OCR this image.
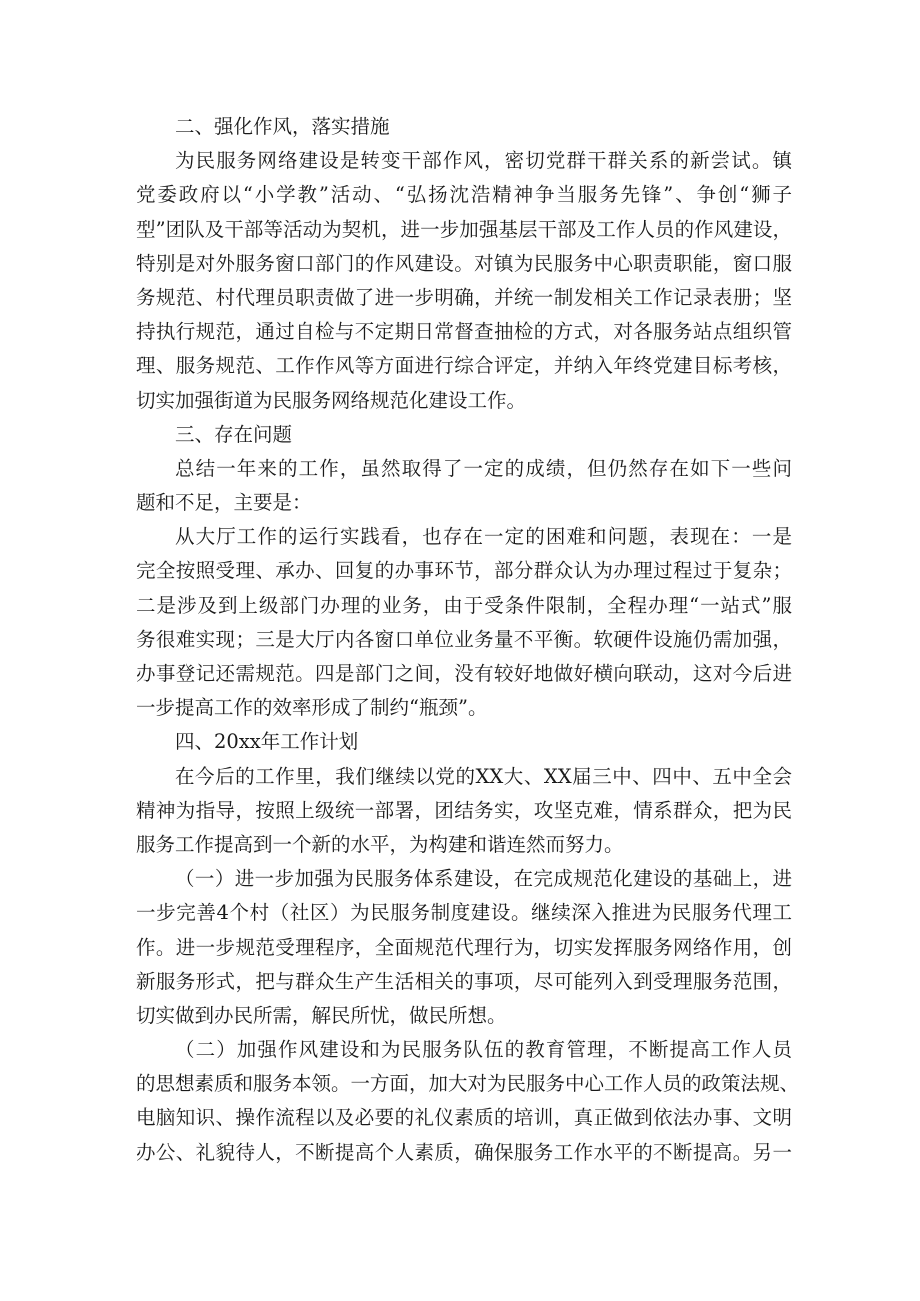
二、强化作风，落实措施
为民服务网络建设是转变干部作风，密切党群干群关系的新尝试。镇
党委政府以“小学教”活动、“弘扬沈浩精神争当服务先锋”、争创“狮子
型”团队及干部等活动为契机，进一步加强基层干部及工作人员的作风建设，
特别是对外服务窗口部门的作风建设。对镇为民服务中心职责职能，窗口服
务规范、村代理员职责做了进一步明确，并统一制发相关工作记录表册；坚
持执行规范，通过自检与不定期日常督查抽检的方式，对各服务站点组织管
理、服务规范、工作作风等方面进行综合评定，并纳入年终党建目标考核，
切实加强街道为民服务网络规范化建设工作。
三、存在问题
总结一年来的工作，虽然取得了一定的成绩，但仍然存在如下一些问
题和不足，主要是：
从大厅工作的运行实践看，也存在一定的困难和问题，表现在：一是
完全按照受理、承办、回复的办事环节，部分群众认为办理过程过于复杂；
二是涉及到上级部门办理的业务，由于受条件限制，全程办理“一站式”服
务很难实现；三是大厅内各窗口单位业务量不平衡。软硬件设施仍需加强，
办事登记还需规范。四是部门之间，没有较好地做好横向联动，这对今后进
一步提高工作的效率形成了制约“瓶颈”。
四、20xx年工作计划
在今后的工作里，我们继续以党的XX大、XX届三中、四中、五中全会
精神为指导，按照上级统一部署，团结务实，攻坚克难，情系群众，把为民
服务工作提高到一个新的水平，为构建和谐连然而努力。
（一）进一步加强为民服务体系建设，在完成规范化建设的基础上，进
一步完善4个村（社区）为民服务制度建设。继续深入推进为民服务代理工
作。进一步规范受理程序，全面规范代理行为，切实发挥服务网络作用，创
新服务形式，把与群众生产生活相关的事项，尽可能列入到受理服务范围，
切实做到办民所需，解民所忧，做民所想。
（二）加强作风建设和为民服务队伍的教育管理，不断提高工作人员
的思想素质和服务本领。一方面，加大对为民服务中心工作人员的政策法规、
电脑知识、操作流程以及必要的礼仪素质的培训，真正做到依法办事、文明
办公、礼貌待人，不断提高个人素质，确保服务工作水平的不断提高。另一
